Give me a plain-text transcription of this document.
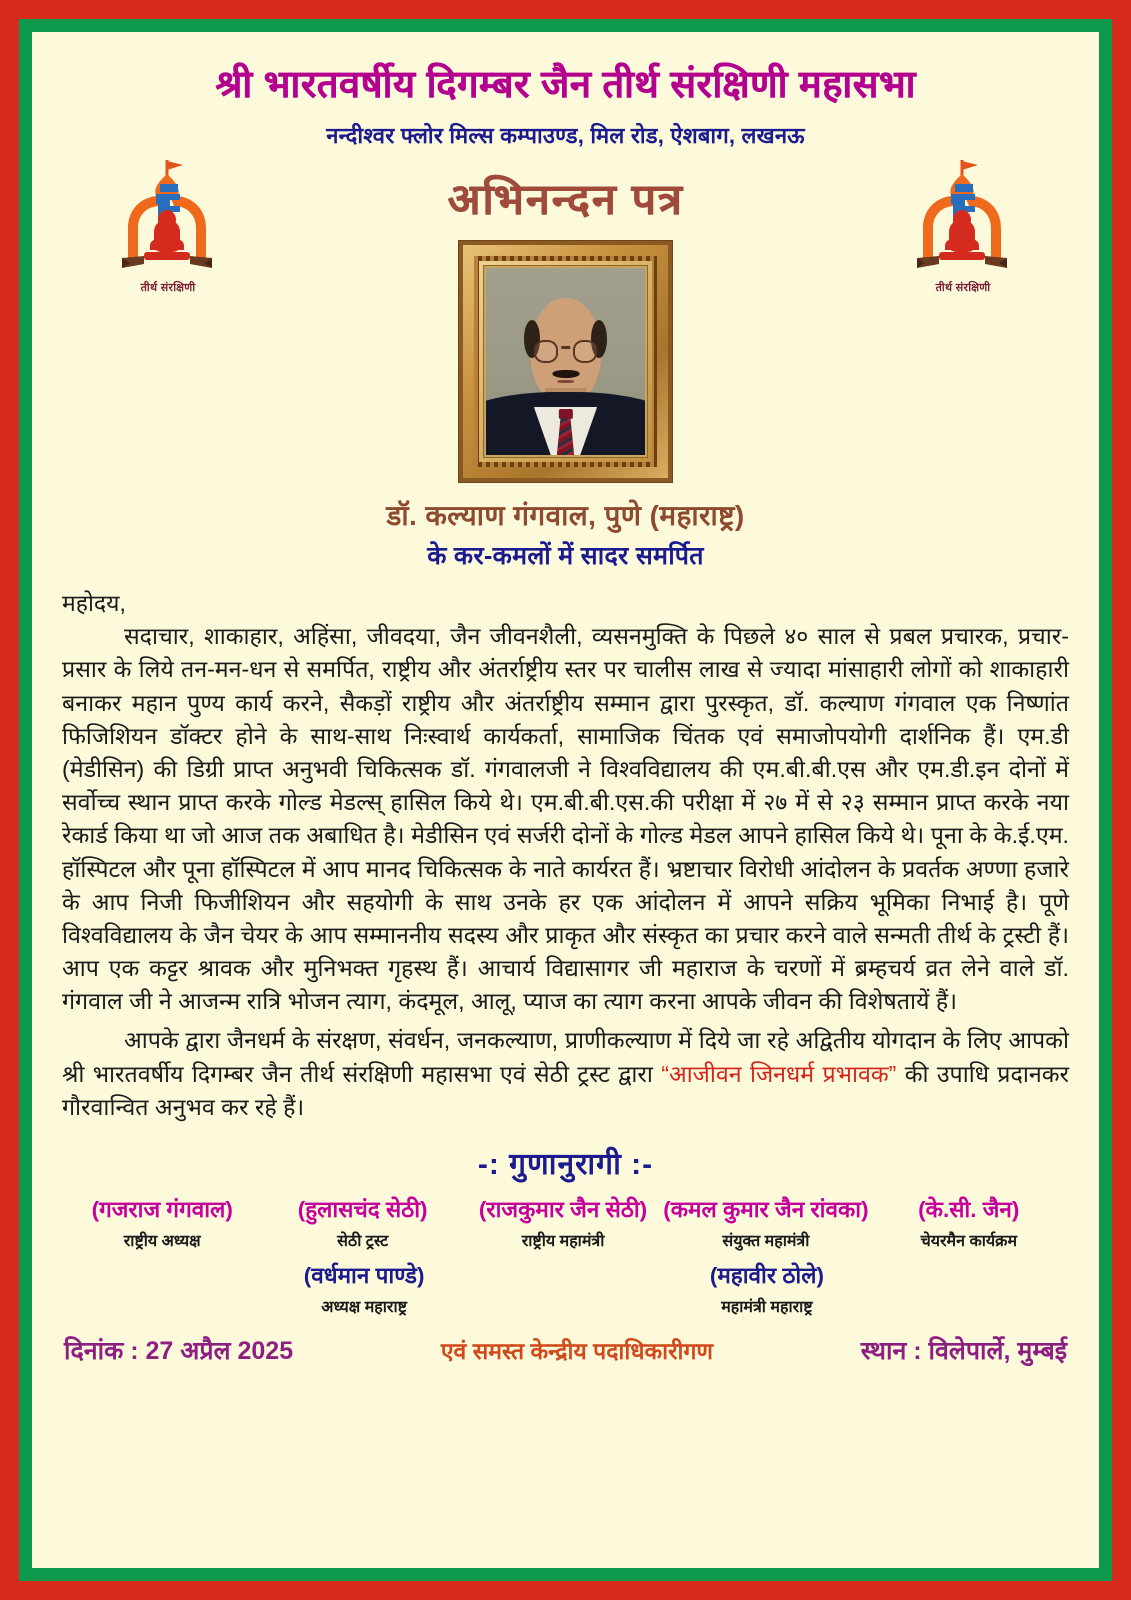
तीर्थ संरक्षिणी	तीर्थ संरक्षिणी
श्री भारतवर्षीय दिगम्बर जैन तीर्थ संरक्षिणी महासभा
नन्दीश्वर फ्लोर मिल्स कम्पाउण्ड, मिल रोड, ऐशबाग, लखनऊ
अभिनन्दन पत्र
डॉ. कल्याण गंगवाल, पुणे (महाराष्ट्र)
के कर-कमलों में सादर समर्पित
महोदय,
सदाचार, शाकाहार, अहिंसा, जीवदया, जैन जीवनशैली, व्यसनमुक्ति के पिछले ४० साल से प्रबल प्रचारक, प्रचार-प्रसार के लिये तन-मन-धन से समर्पित, राष्ट्रीय और अंतर्राष्ट्रीय स्तर पर चालीस लाख से ज्यादा मांसाहारी लोगों को शाकाहारी बनाकर महान पुण्य कार्य करने, सैकड़ों राष्ट्रीय और अंतर्राष्ट्रीय सम्मान द्वारा पुरस्कृत, डॉ. कल्याण गंगवाल एक निष्णांत फिजिशियन डॉक्टर होने के साथ-साथ निःस्वार्थ कार्यकर्ता, सामाजिक चिंतक एवं समाजोपयोगी दार्शनिक हैं। एम.डी (मेडीसिन) की डिग्री प्राप्त अनुभवी चिकित्सक डॉ. गंगवालजी ने विश्वविद्यालय की एम.बी.बी.एस और एम.डी.इन दोनों में सर्वोच्च स्थान प्राप्त करके गोल्ड मेडल्स् हासिल किये थे। एम.बी.बी.एस.की परीक्षा में २७ में से २३ सम्मान प्राप्त करके नया रेकार्ड किया था जो आज तक अबाधित है। मेडीसिन एवं सर्जरी दोनों के गोल्ड मेडल आपने हासिल किये थे। पूना के के.ई.एम. हॉस्पिटल और पूना हॉस्पिटल में आप मानद चिकित्सक के नाते कार्यरत हैं। भ्रष्टाचार विरोधी आंदोलन के प्रवर्तक अण्णा हजारे के आप निजी फिजीशियन और सहयोगी के साथ उनके हर एक आंदोलन में आपने सक्रिय भूमिका निभाई है। पूणे विश्वविद्यालय के जैन चेयर के आप सम्माननीय सदस्य और प्राकृत और संस्कृत का प्रचार करने वाले सन्मती तीर्थ के ट्रस्टी हैं। आप एक कट्टर श्रावक और मुनिभक्त गृहस्थ हैं। आचार्य विद्यासागर जी महाराज के चरणों में ब्रम्हचर्य व्रत लेने वाले डॉ. गंगवाल जी ने आजन्म रात्रि भोजन त्याग, कंदमूल, आलू, प्याज का त्याग करना आपके जीवन की विशेषतायें हैं।
आपके द्वारा जैनधर्म के संरक्षण, संवर्धन, जनकल्याण, प्राणीकल्याण में दिये जा रहे अद्वितीय योगदान के लिए आपको श्री भारतवर्षीय दिगम्बर जैन तीर्थ संरक्षिणी महासभा एवं सेठी ट्रस्ट द्वारा “आजीवन जिनधर्म प्रभावक” की उपाधि प्रदानकर गौरवान्वित अनुभव कर रहे हैं।
-: गुणानुरागी :-
(गजराज गंगवाल)
राष्ट्रीय अध्यक्ष
(हुलासचंद सेठी)
सेठी ट्रस्ट
(राजकुमार जैन सेठी)
राष्ट्रीय महामंत्री
(कमल कुमार जैन रांवका)
संयुक्त महामंत्री
(के.सी. जैन)
चेयरमैन कार्यक्रम
(वर्धमान पाण्डे)
अध्यक्ष महाराष्ट्र
(महावीर ठोले)
महामंत्री महाराष्ट्र
दिनांक : 27 अप्रैल 2025	एवं समस्त केन्द्रीय पदाधिकारीगण	स्थान : विलेपार्ले, मुम्बई
